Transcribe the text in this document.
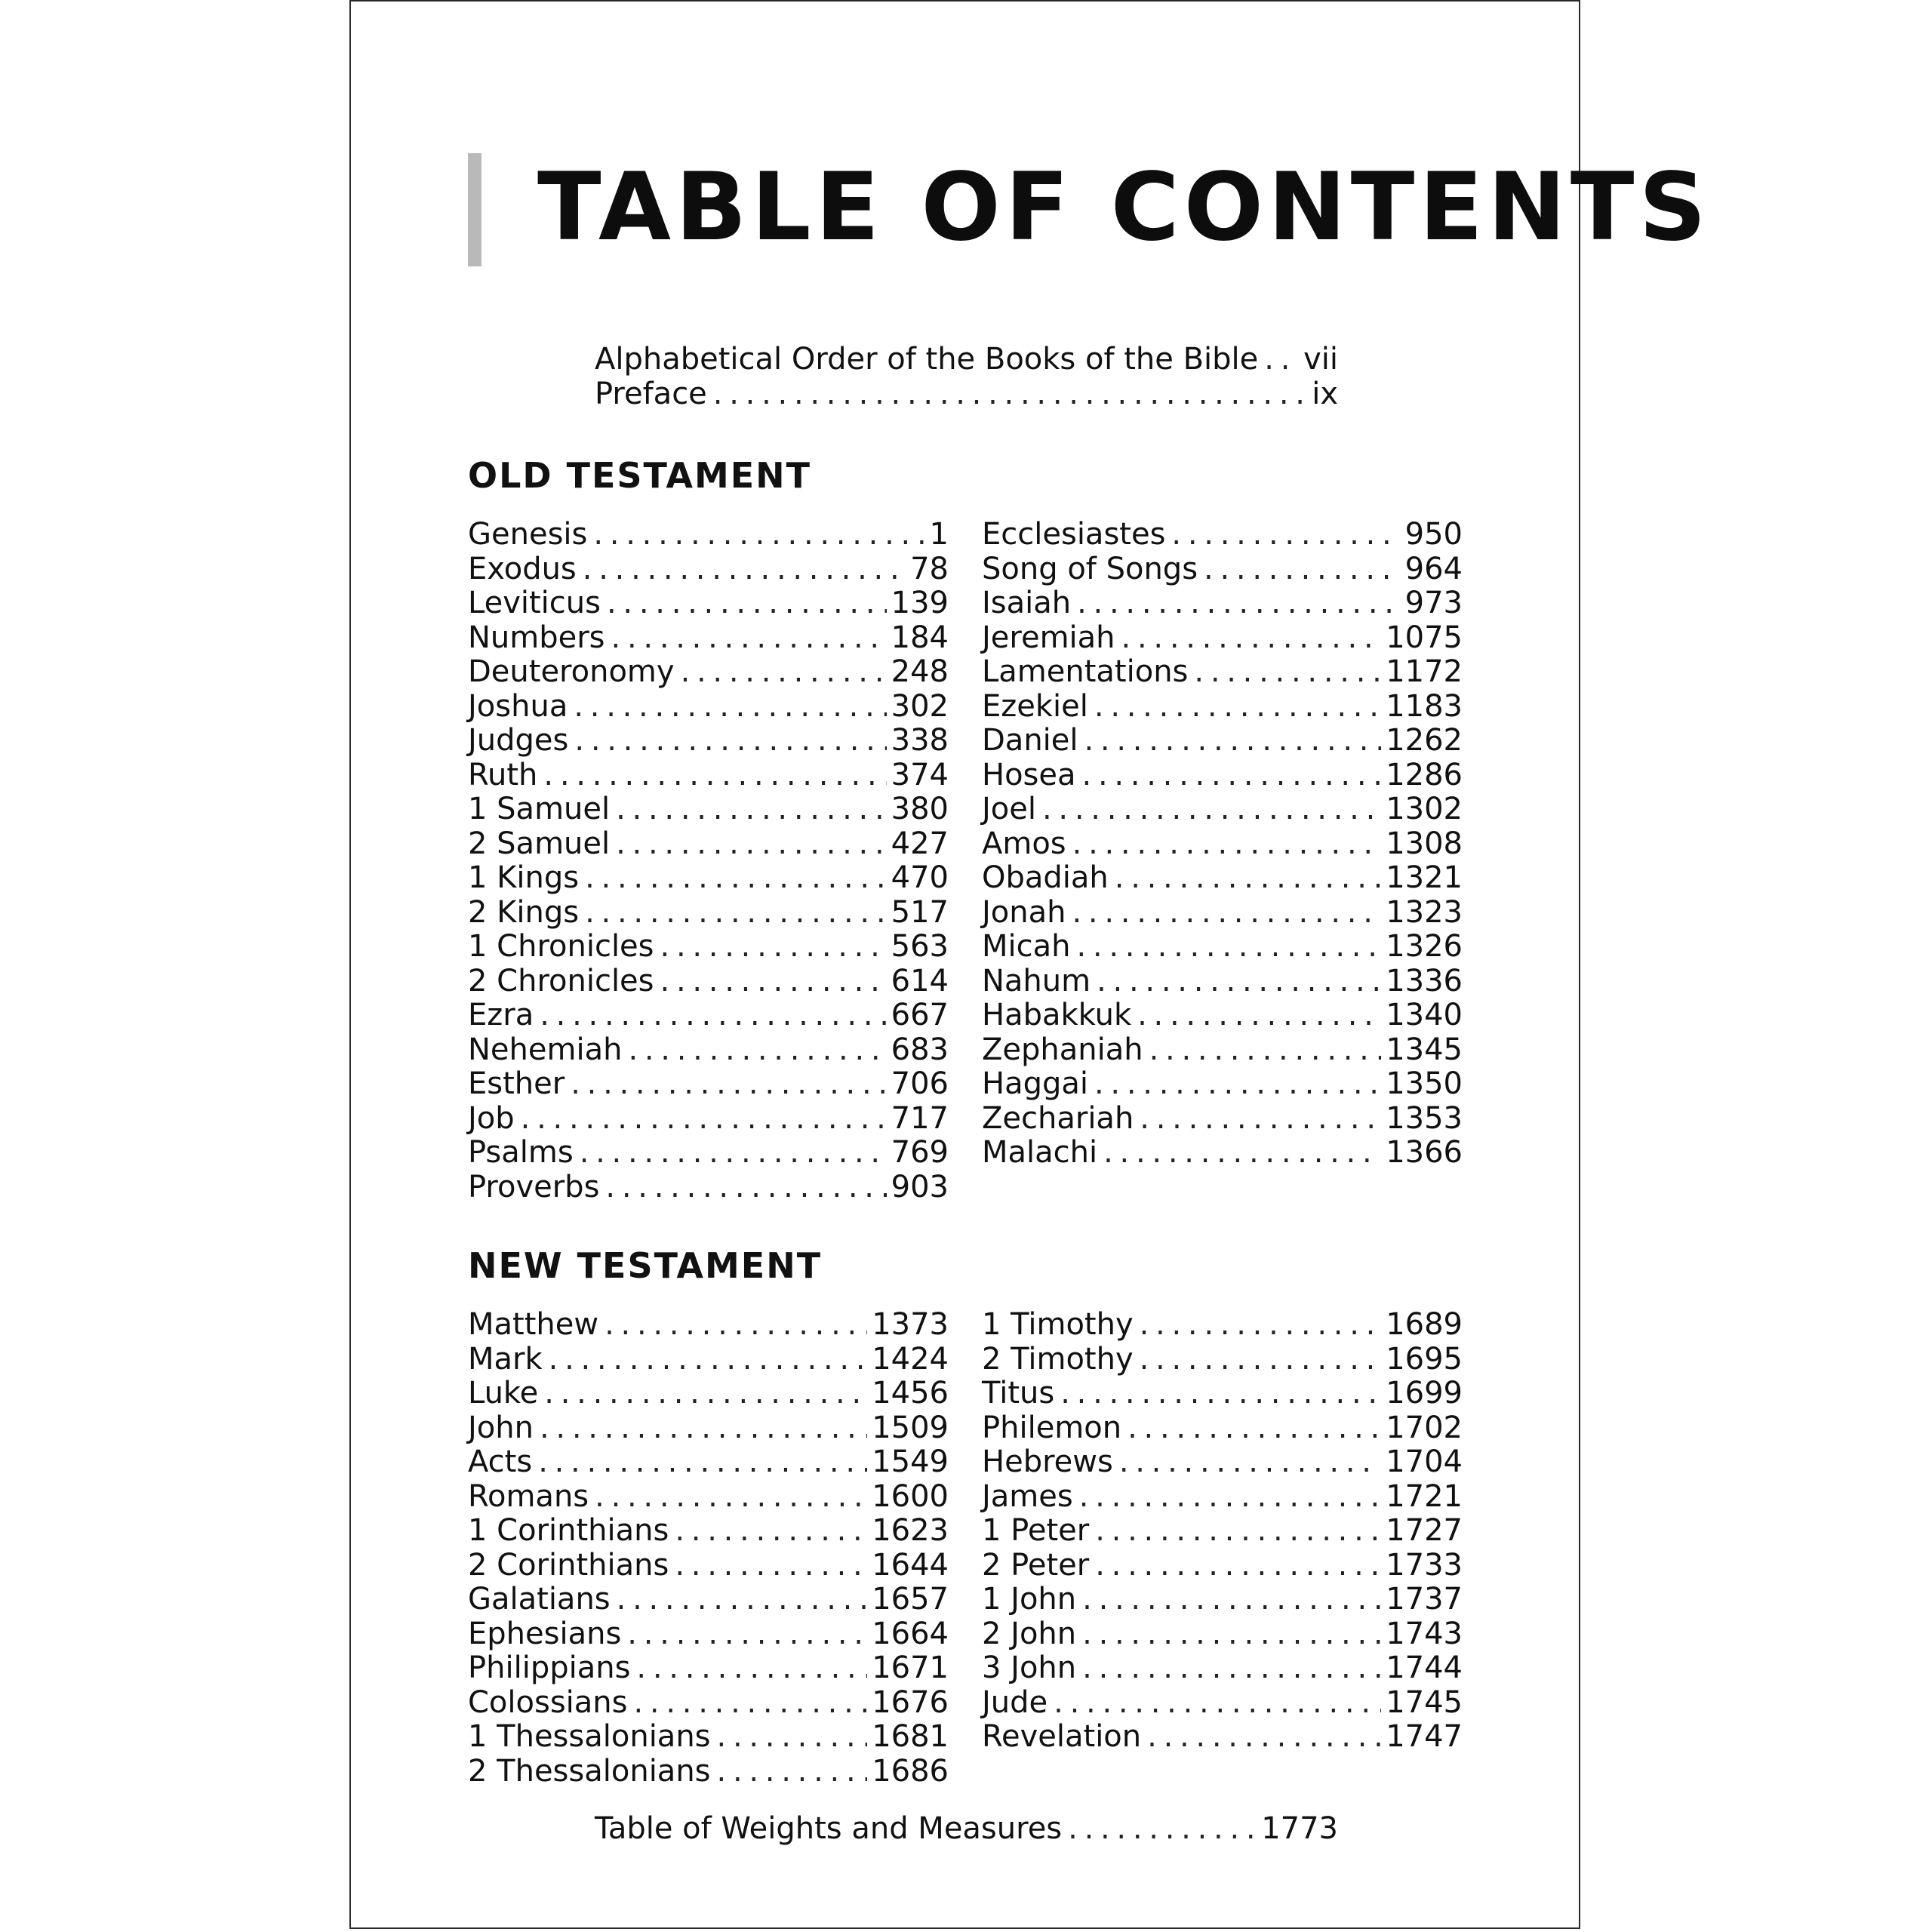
TABLE OF CONTENTS
Alphabetical Order of the Books of the Bible . . . vii
Preface . . .	ix
OLD TESTAMENT
Genesis . . .	1
Exodus . . .	78
Leviticus . . .	139
Numbers . . .	184
Deuteronomy . . .	248
Joshua . . .	302
Judges . . .	338
Ruth . . .	374
1 Samuel . . .	380
2 Samuel . . .	427
1 Kings . . .	470
2 Kings . . .	517
1 Chronicles . . .	563
2 Chronicles . . .	614
Ezra . . .	667
Nehemiah . . .	683
Esther . . .	706
Job . . .	717
Psalms . . .	769
Proverbs . . .	903
Ecclesiastes . . .	950
Song of Songs . . .	964
Isaiah . . .	973
Jeremiah . . .	1075
Lamentations . . .	1172
Ezekiel . . .	1183
Daniel . . .	1262
Hosea . . .	1286
Joel . . .	1302
Amos . . .	1308
Obadiah . . .	1321
Jonah . . .	1323
Micah . . .	1326
Nahum . . .	1336
Habakkuk . . .	1340
Zephaniah . . .	1345
Haggai . . .	1350
Zechariah . . .	1353
Malachi . . .	1366
NEW TESTAMENT
Matthew . . .	1373
Mark . . .	1424
Luke . . .	1456
John . . .	1509
Acts . . .	1549
Romans . . .	1600
1 Corinthians . . .	1623
2 Corinthians . . .	1644
Galatians . . .	1657
Ephesians . . .	1664
Philippians . . .	1671
Colossians . . .	1676
1 Thessalonians . . .	1681
2 Thessalonians . . .	1686
1 Timothy . . .	1689
2 Timothy . . .	1695
Titus . . .	1699
Philemon . . .	1702
Hebrews . . .	1704
James . . .	1721
1 Peter . . .	1727
2 Peter . . .	1733
1 John . . .	1737
2 John . . .	1743
3 John . . .	1744
Jude . . .	1745
Revelation . . .	1747
Table of Weights and Measures . . .	1773
